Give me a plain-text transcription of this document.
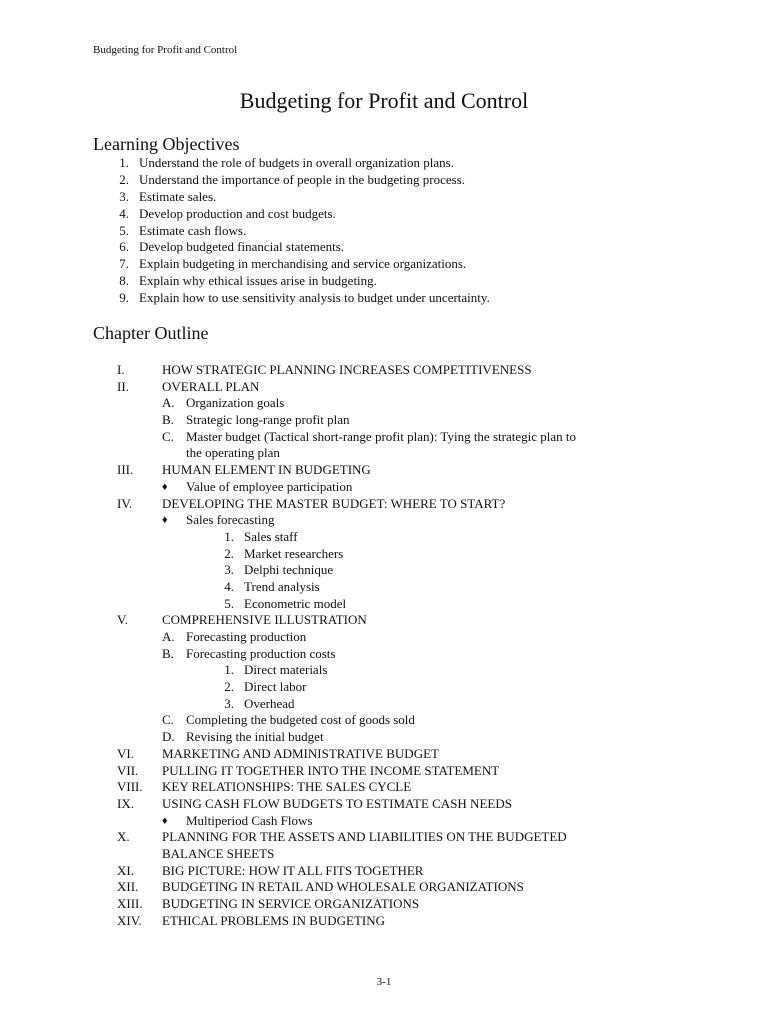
Budgeting for Profit and Control
Budgeting for Profit and Control
Learning Objectives
1. Understand the role of budgets in overall organization plans.
2. Understand the importance of people in the budgeting process.
3. Estimate sales.
4. Develop production and cost budgets.
5. Estimate cash flows.
6. Develop budgeted financial statements.
7. Explain budgeting in merchandising and service organizations.
8. Explain why ethical issues arise in budgeting.
9. Explain how to use sensitivity analysis to budget under uncertainty.
Chapter Outline
I.	HOW STRATEGIC PLANNING INCREASES COMPETITIVENESS
II.	OVERALL PLAN
A. Organization goals
B. Strategic long-range profit plan
C. Master budget (Tactical short-range profit plan): Tying the strategic plan to
the operating plan
III. HUMAN ELEMENT IN BUDGETING
♦ Value of employee participation
IV. DEVELOPING THE MASTER BUDGET: WHERE TO START?
♦ Sales forecasting
1. Sales staff
2. Market researchers
3. Delphi technique
4. Trend analysis
5. Econometric model
V.	COMPREHENSIVE ILLUSTRATION
A. Forecasting production
B. Forecasting production costs
1. Direct materials
2. Direct labor
3. Overhead
C. Completing the budgeted cost of goods sold
D. Revising the initial budget
VI. MARKETING AND ADMINISTRATIVE BUDGET
VII. PULLING IT TOGETHER INTO THE INCOME STATEMENT
VIII. KEY RELATIONSHIPS: THE SALES CYCLE
IX. USING CASH FLOW BUDGETS TO ESTIMATE CASH NEEDS
♦ Multiperiod Cash Flows
X. PLANNING FOR THE ASSETS AND LIABILITIES ON THE BUDGETED
BALANCE SHEETS
XI. BIG PICTURE: HOW IT ALL FITS TOGETHER
XII. BUDGETING IN RETAIL AND WHOLESALE ORGANIZATIONS
XIII. BUDGETING IN SERVICE ORGANIZATIONS
XIV. ETHICAL PROBLEMS IN BUDGETING
3-1
